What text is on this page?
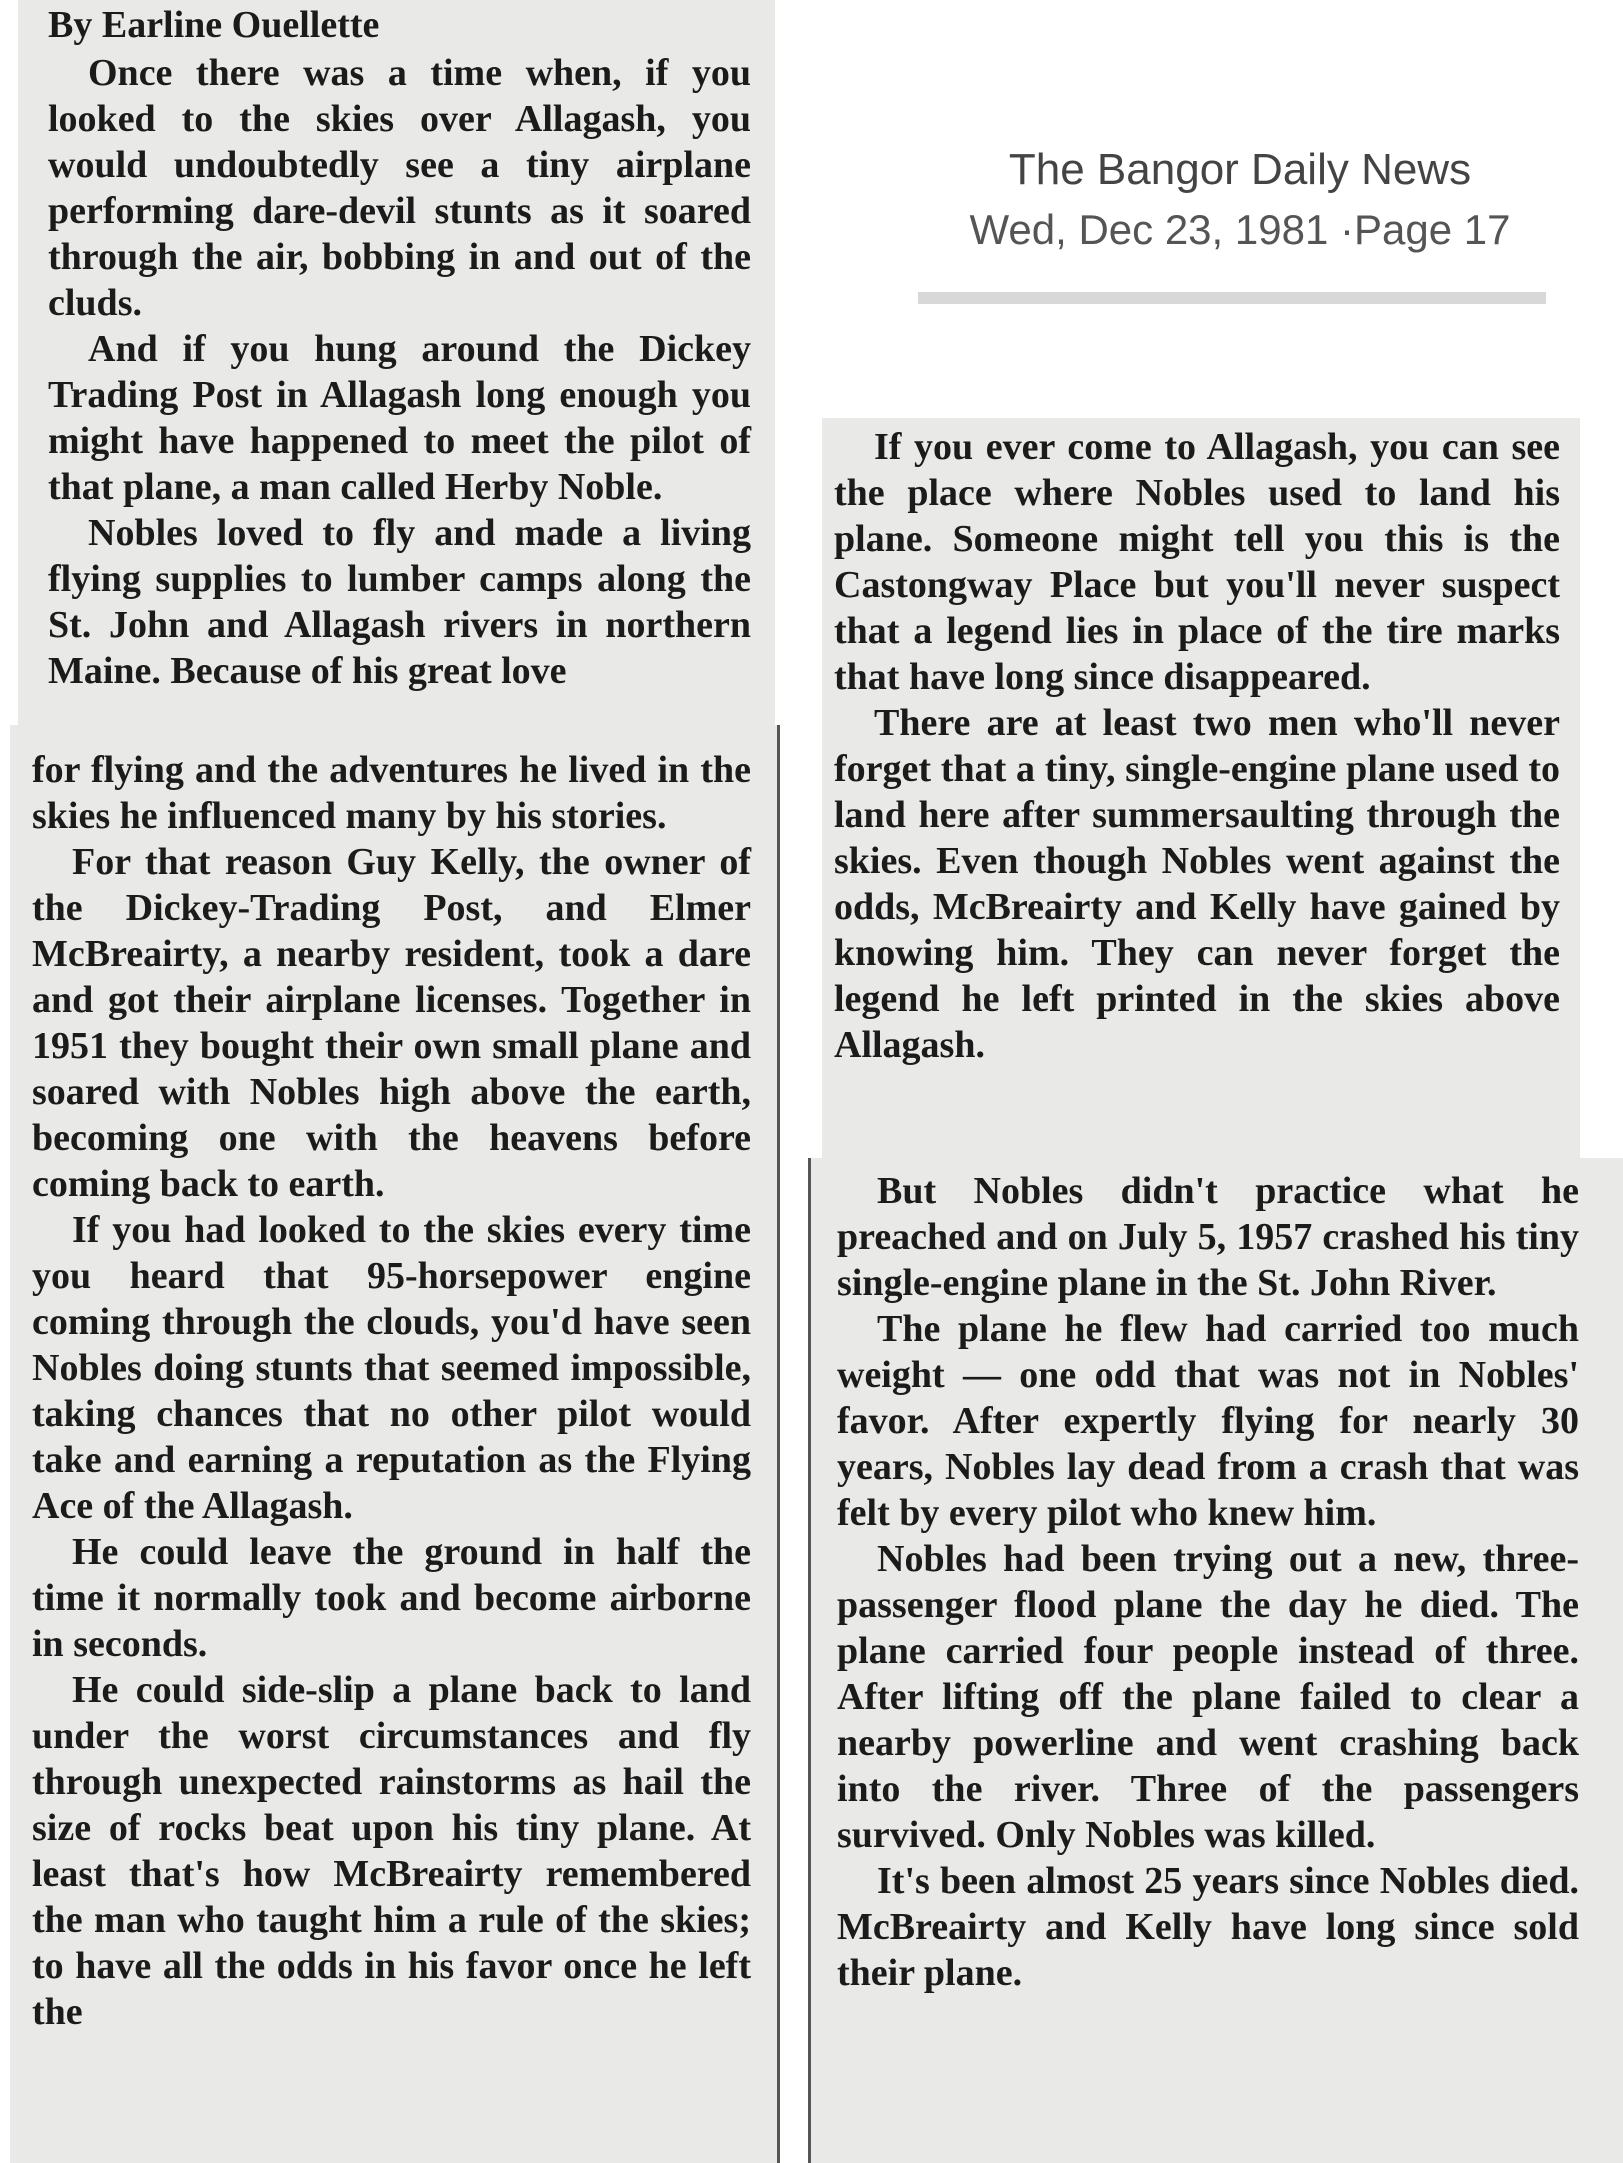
The Bangor Daily News
Wed, Dec 23, 1981 ·Page 17

By Earline Ouellette

Once there was a time when, if you looked to the skies over Allagash, you would undoubtedly see a tiny airplane performing dare-devil stunts as it soared through the air, bobbing in and out of the cluds.

And if you hung around the Dickey Trading Post in Allagash long enough you might have happened to meet the pilot of that plane, a man called Herby Noble.

Nobles loved to fly and made a living flying supplies to lumber camps along the St. John and Allagash rivers in northern Maine. Because of his great love

for flying and the adventures he lived in the skies he influenced many by his stories.

For that reason Guy Kelly, the owner of the Dickey-Trading Post, and Elmer McBreairty, a nearby resident, took a dare and got their airplane licenses. Together in 1951 they bought their own small plane and soared with Nobles high above the earth, becoming one with the heavens before coming back to earth.

If you had looked to the skies every time you heard that 95-horsepower engine coming through the clouds, you'd have seen Nobles doing stunts that seemed impossible, taking chances that no other pilot would take and earning a reputation as the Flying Ace of the Allagash.

He could leave the ground in half the time it normally took and become airborne in seconds.

He could side-slip a plane back to land under the worst circumstances and fly through unexpected rainstorms as hail the size of rocks beat upon his tiny plane. At least that's how McBreairty remembered the man who taught him a rule of the skies; to have all the odds in his favor once he left the

If you ever come to Allagash, you can see the place where Nobles used to land his plane. Someone might tell you this is the Castongway Place but you'll never suspect that a legend lies in place of the tire marks that have long since disappeared.

There are at least two men who'll never forget that a tiny, single-engine plane used to land here after summersaulting through the skies. Even though Nobles went against the odds, McBreairty and Kelly have gained by knowing him. They can never forget the legend he left printed in the skies above Allagash.

But Nobles didn't practice what he preached and on July 5, 1957 crashed his tiny single-engine plane in the St. John River.

The plane he flew had carried too much weight — one odd that was not in Nobles' favor. After expertly flying for nearly 30 years, Nobles lay dead from a crash that was felt by every pilot who knew him.

Nobles had been trying out a new, three-passenger flood plane the day he died. The plane carried four people instead of three. After lifting off the plane failed to clear a nearby powerline and went crashing back into the river. Three of the passengers survived. Only Nobles was killed.

It's been almost 25 years since Nobles died. McBreairty and Kelly have long since sold their plane.
